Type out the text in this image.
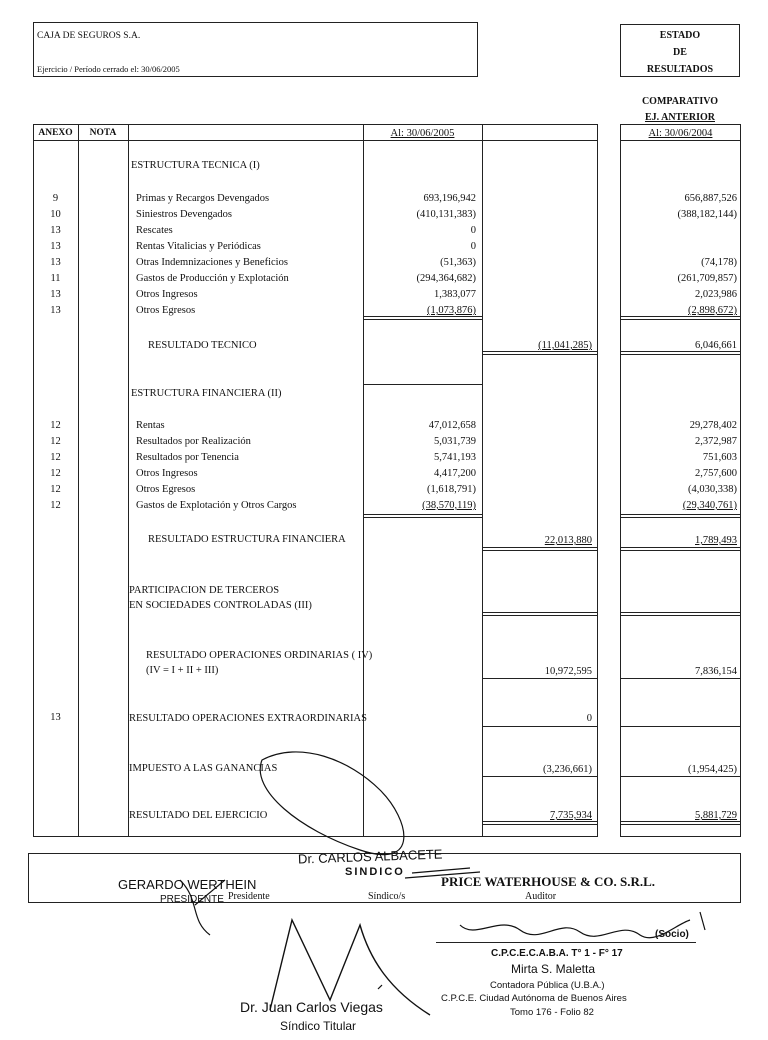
CAJA DE SEGUROS S.A.
Ejercicio / Período cerrado el: 30/06/2005
ESTADO
DE
RESULTADOS
COMPARATIVO
EJ. ANTERIOR
ANEXO	NOTA	Al: 30/06/2005	Al: 30/06/2004
ESTRUCTURA TECNICA (I)
9	Primas y Recargos Devengados	693,196,942	656,887,526
10	Siniestros Devengados	(410,131,383)	(388,182,144)
13	Rescates	0
13	Rentas Vitalicias y Periódicas	0
13	Otras Indemnizaciones y Beneficios	(51,363)	(74,178)
11	Gastos de Producción y Explotación	(294,364,682)	(261,709,857)
13	Otros Ingresos	1,383,077	2,023,986
13	Otros Egresos	(1,073,876)	(2,898,672)
RESULTADO TECNICO	(11,041,285)	6,046,661
ESTRUCTURA FINANCIERA (II)
12	Rentas	47,012,658	29,278,402
12	Resultados por Realización	5,031,739	2,372,987
12	Resultados por Tenencia	5,741,193	751,603
12	Otros Ingresos	4,417,200	2,757,600
12	Otros Egresos	(1,618,791)	(4,030,338)
12	Gastos de Explotación y Otros Cargos	(38,570,119)	(29,340,761)
RESULTADO ESTRUCTURA FINANCIERA	22,013,880	1,789,493
PARTICIPACION DE TERCEROS
EN SOCIEDADES CONTROLADAS (III)
RESULTADO OPERACIONES ORDINARIAS ( IV)
(IV = I + II + III)	10,972,595	7,836,154
13	RESULTADO OPERACIONES EXTRAORDINARIAS	0
IMPUESTO A LAS GANANCIAS	(3,236,661)	(1,954,425)
RESULTADO DEL EJERCICIO	7,735,934	5,881,729
Dr. CARLOS ALBACETE
SINDICO
GERARDO WERTHEIN
PRESIDENTE Presidente	Síndico/s
PRICE WATERHOUSE & CO. S.R.L.
Auditor
(Socio)
C.P.C.E.C.A.B.A. T° 1 - F° 17
Mirta S. Maletta
Contadora Pública (U.B.A.)
C.P.C.E. Ciudad Autónoma de Buenos Aires
Tomo 176 - Folio 82
Dr. Juan Carlos Viegas
Síndico Titular
